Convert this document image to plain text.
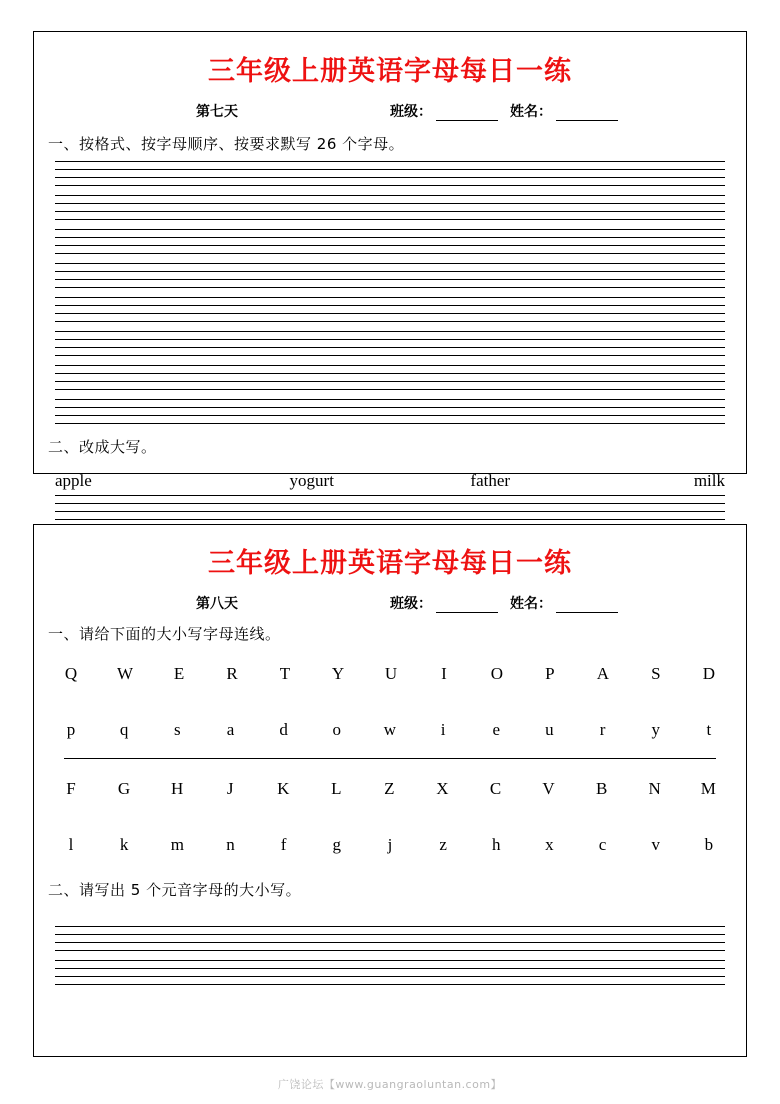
三年级上册英语字母每日一练
第七天	班级：	姓名：
一、按格式、按字母顺序、按要求默写 26 个字母。
二、改成大写。
apple	yogurt	father	milk
三年级上册英语字母每日一练
第八天	班级：	姓名：
一、请给下面的大小写字母连线。
Q W E R T Y U	I	O P A S D
p	q	s	a	d	o	w	i	e	u	r	y	t
F G H	J	K L	Z X C V B N M
l	k m n	f	g	j	z	h	x	c	v	b
二、请写出 5 个元音字母的大小写。
广饶论坛【www.guangraoluntan.com】
